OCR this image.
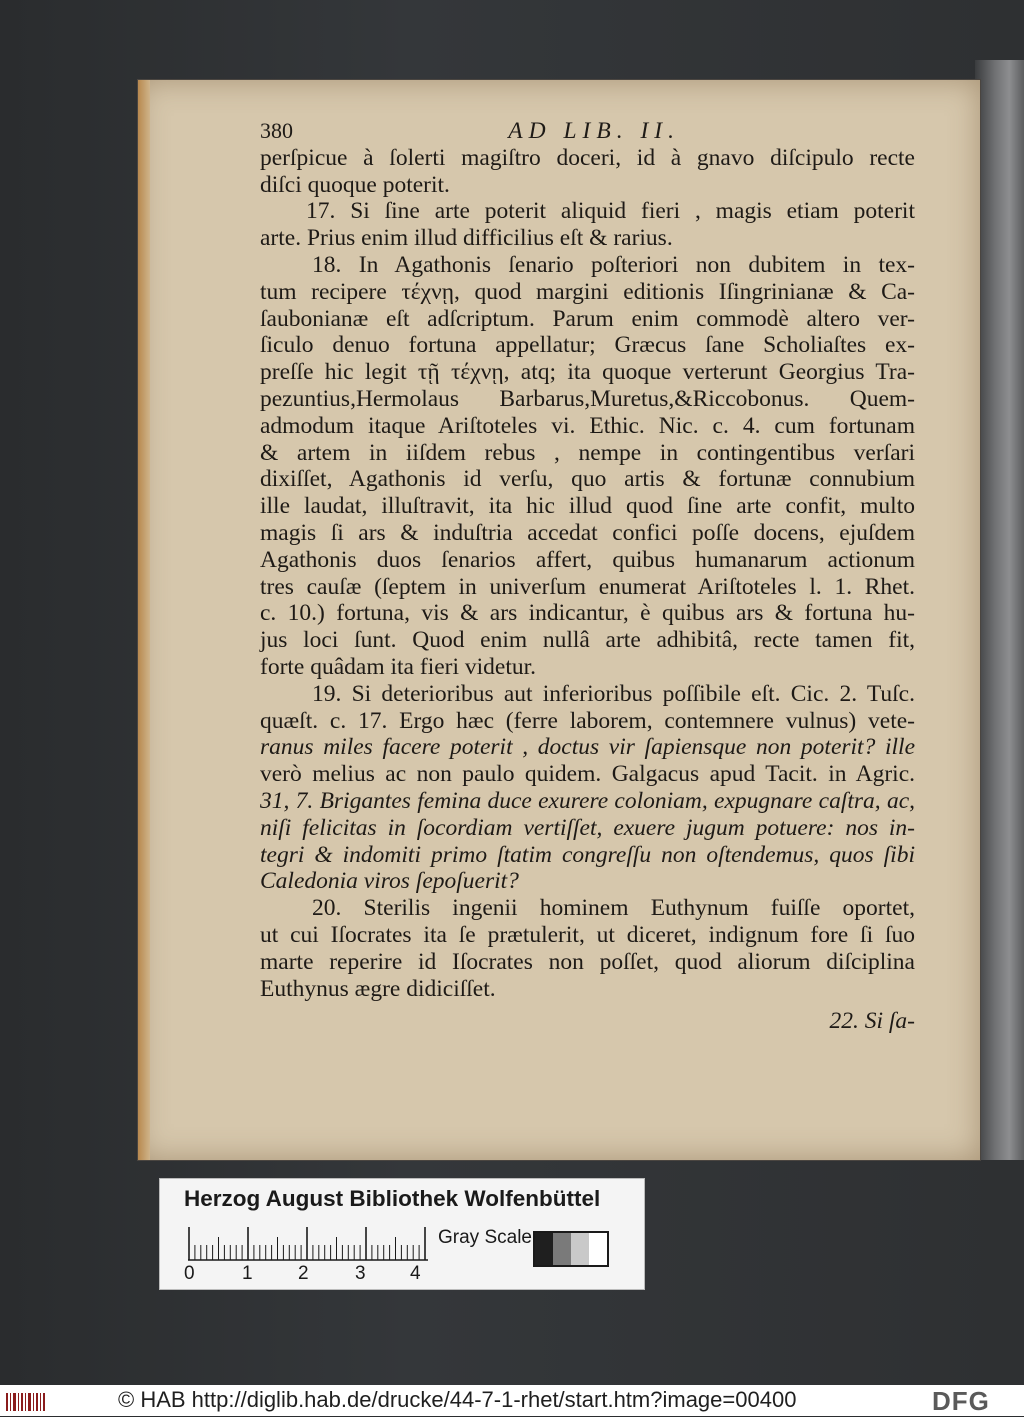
380	AD LIB. II.
perſpicue à ſolerti magiſtro doceri, id à gnavo diſcipulo recte
diſci quoque poterit.
17. Si ſine arte poterit aliquid fieri , magis etiam poterit
arte. Prius enim illud difficilius eſt & rarius.
18. In Agathonis ſenario poſteriori non dubitem in tex-
tum recipere τέχνῃ, quod margini editionis Iſingrinianæ & Ca-
ſaubonianæ eſt adſcriptum. Parum enim commodè altero ver-
ſiculo denuo fortuna appellatur; Græcus ſane Scholiaſtes ex-
preſſe hic legit τῇ τέχνῃ, atq; ita quoque verterunt Georgius Tra-
pezuntius,Hermolaus Barbarus,Muretus,&Riccobonus. Quem-
admodum itaque Ariſtoteles vi. Ethic. Nic. c. 4. cum fortunam
& artem in iiſdem rebus , nempe in contingentibus verſari
dixiſſet, Agathonis id verſu, quo artis & fortunæ connubium
ille laudat, illuſtravit, ita hic illud quod ſine arte confit, multo
magis ſi ars & induſtria accedat confici poſſe docens, ejuſdem
Agathonis duos ſenarios affert, quibus humanarum actionum
tres cauſæ (ſeptem in univerſum enumerat Ariſtoteles l. 1. Rhet.
c. 10.) fortuna, vis & ars indicantur, è quibus ars & fortuna hu-
jus loci ſunt. Quod enim nullâ arte adhibitâ, recte tamen fit,
forte quâdam ita fieri videtur.
19. Si deterioribus aut inferioribus poſſibile eſt. Cic. 2. Tuſc.
quæſt. c. 17. Ergo hæc (ferre laborem, contemnere vulnus) vete-
ranus miles facere poterit , doctus vir ſapiensque non poterit? ille
verò melius ac non paulo quidem. Galgacus apud Tacit. in Agric.
31, 7. Brigantes femina duce exurere coloniam, expugnare caſtra, ac,
niſi felicitas in ſocordiam vertiſſet, exuere jugum potuere: nos in-
tegri & indomiti primo ſtatim congreſſu non oſtendemus, quos ſibi
Caledonia viros ſepoſuerit?
20. Sterilis ingenii hominem Euthynum fuiſſe oportet,
ut cui Iſocrates ita ſe prætulerit, ut diceret, indignum fore ſi ſuo
marte reperire id Iſocrates non poſſet, quod aliorum diſciplina
Euthynus ægre didiciſſet.
22. Si ſa-
Herzog August Bibliothek Wolfenbüttel
0 1 2 3 4
Gray Scale
© HAB http://diglib.hab.de/drucke/44-7-1-rhet/start.htm?image=00400	DFG
